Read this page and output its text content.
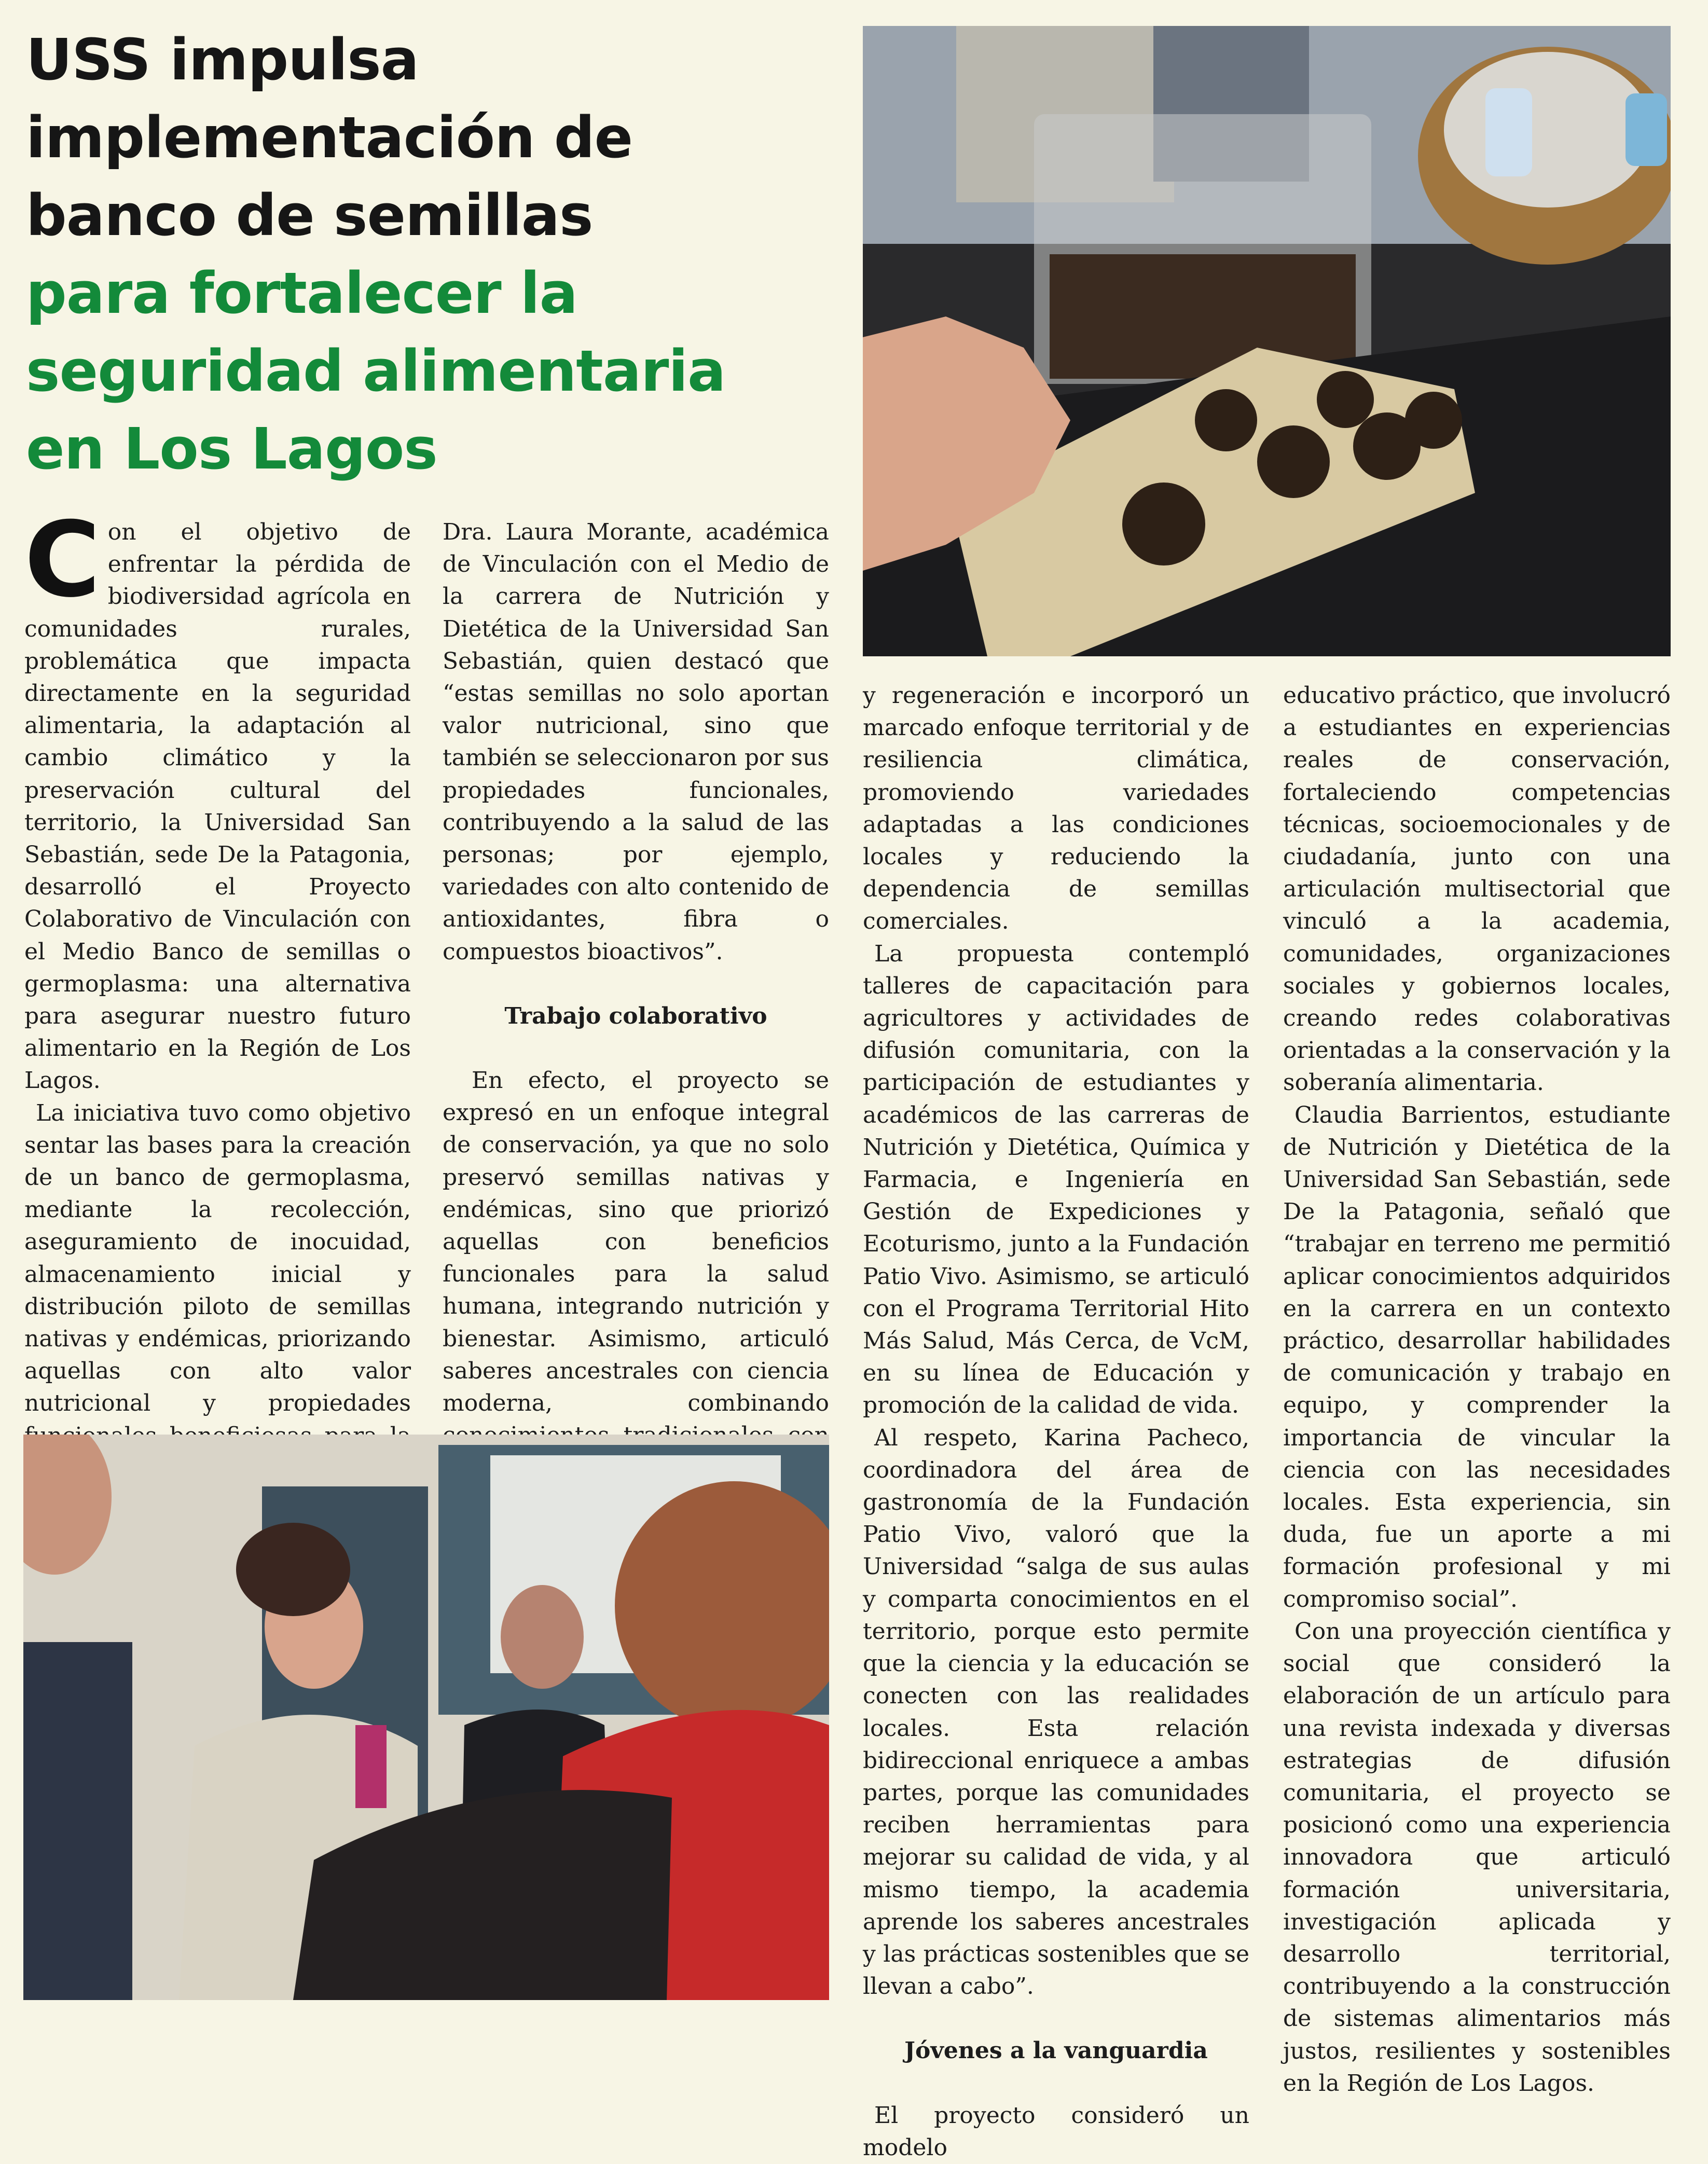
USS impulsa
implementación de
banco de semillas
para fortalecer la
seguridad alimentaria
en Los Lagos
C on el objetivo de enfrentar la pérdida de biodiversidad agrícola en comunidades rurales, problemática que impacta directamente en la seguridad alimentaria, la adaptación al cambio climático y la preservación cultural del territorio, la Universidad San Sebastián, sede De la Patagonia, desarrolló el Proyecto Colaborativo de Vinculación con el Medio Banco de semillas o germoplasma: una alternativa para asegurar nuestro futuro alimentario en la Región de Los Lagos.

La iniciativa tuvo como objetivo sentar las bases para la creación de un banco de germoplasma, mediante la recolección, aseguramiento de inocuidad, almacenamiento inicial y distribución piloto de semillas nativas y endémicas, priorizando aquellas con alto valor nutricional y propiedades

Dra. Laura Morante, académica de Vinculación con el Medio de la carrera de Nutrición y Dietética de la Universidad San Sebastián, quien destacó que “estas semillas no solo aportan valor nutricional, sino que también se seleccionaron por sus propiedades funcionales, contribuyendo a la salud de las personas; por ejemplo, variedades con alto contenido de antioxidantes, fibra o compuestos bioactivos”.

Trabajo colaborativo

En efecto, el proyecto se expresó en un enfoque integral de conservación, ya que no solo preservó semillas nativas y endémicas, sino que priorizó aquellas con beneficios funcionales para la salud humana, integrando nutrición y bienestar. Asimismo, articuló saberes ancestrales con ciencia moderna, combinando

y regeneración e incorporó un marcado enfoque territorial y de resiliencia climática, promoviendo variedades adaptadas a las condiciones locales y reduciendo la dependencia de semillas comerciales.

La propuesta contempló talleres de capacitación para agricultores y actividades de difusión comunitaria, con la participación de estudiantes y académicos de las carreras de Nutrición y Dietética, Química y Farmacia, e Ingeniería en Gestión de Expediciones y Ecoturismo, junto a la Fundación Patio Vivo. Asimismo, se articuló con el Programa Territorial Hito Más Salud, Más Cerca, de VcM, en su línea de Educación y promoción de la calidad de vida.

Al respeto, Karina Pacheco, coordinadora del área de gastronomía de la Fundación Patio Vivo, valoró que la Universidad “salga de sus aulas y comparta conocimientos en el territorio, porque esto permite que la ciencia y la educación se conecten con las realidades locales. Esta relación bidireccional enriquece a ambas partes, porque las comunidades reciben herramientas para mejorar su calidad de vida, y al mismo tiempo, la academia aprende los saberes ancestrales y las prácticas sostenibles que se llevan a cabo”.

Jóvenes a la vanguardia

El proyecto consideró un modelo

educativo práctico, que involucró a estudiantes en experiencias reales de conservación, fortaleciendo competencias técnicas, socioemocionales y de ciudadanía, junto con una articulación multisectorial que vinculó a la academia, comunidades, organizaciones sociales y gobiernos locales, creando redes colaborativas orientadas a la conservación y la soberanía alimentaria.

Claudia Barrientos, estudiante de Nutrición y Dietética de la Universidad San Sebastián, sede De la Patagonia, señaló que “trabajar en terreno me permitió aplicar conocimientos adquiridos en la carrera en un contexto práctico, desarrollar habilidades de comunicación y trabajo en equipo, y comprender la importancia de vincular la ciencia con las necesidades locales. Esta experiencia, sin duda, fue un aporte a mi formación profesional y mi compromiso social”.

Con una proyección científica y social que consideró la elaboración de un artículo para una revista indexada y diversas estrategias de difusión comunitaria, el proyecto se posicionó como una experiencia innovadora que articuló formación universitaria, investigación aplicada y desarrollo territorial, contribuyendo a la construcción de sistemas alimentarios más justos, resilientes y sostenibles en la Región de Los Lagos.
